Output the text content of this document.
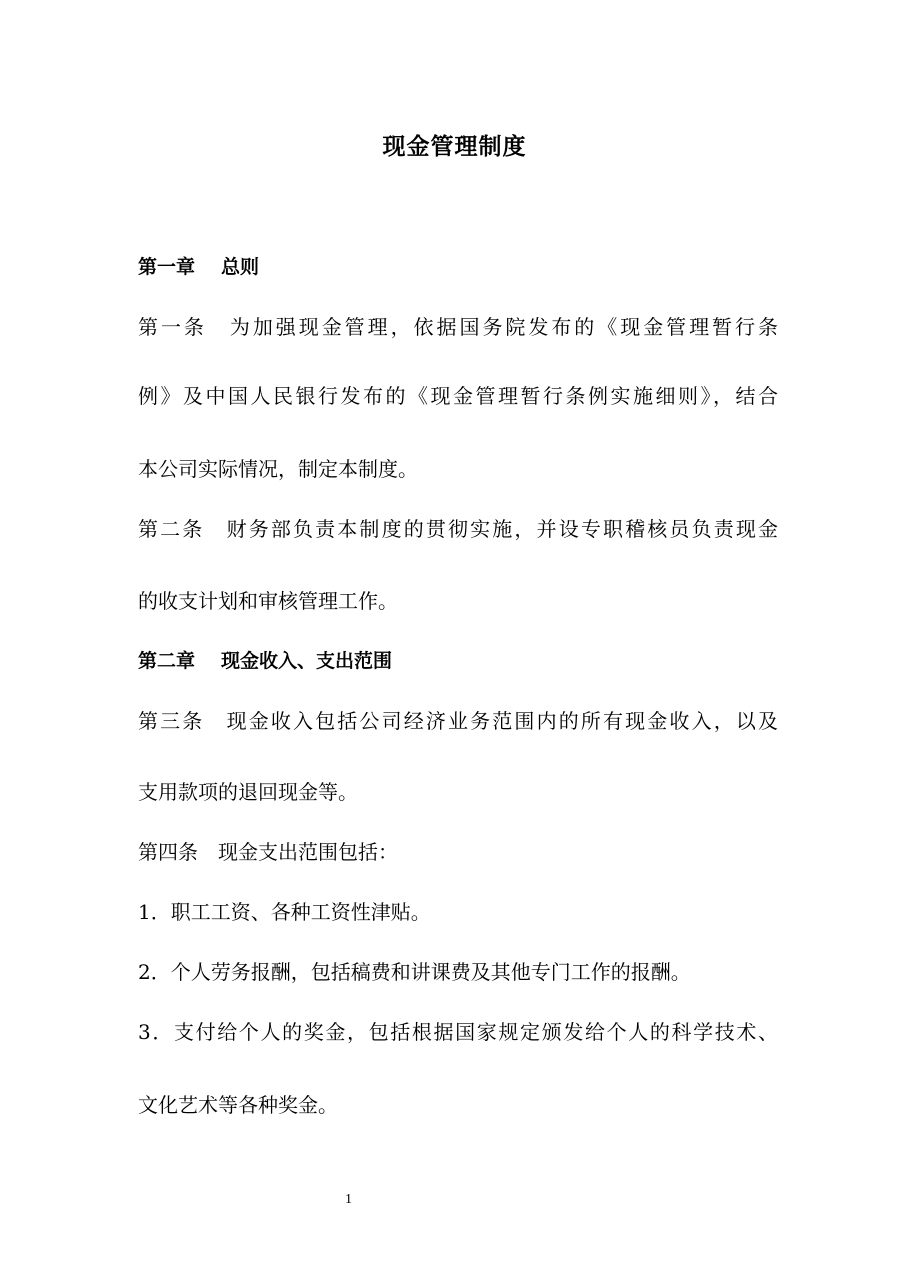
现金管理制度
第一章 总则
第一条　为加强现金管理，依据国务院发布的《现金管理暂行条
例》及中国人民银行发布的《现金管理暂行条例实施细则》，结合
本公司实际情况，制定本制度。
第二条　财务部负责本制度的贯彻实施，并设专职稽核员负责现金
的收支计划和审核管理工作。
第二章 现金收入、支出范围
第三条　现金收入包括公司经济业务范围内的所有现金收入，以及
支用款项的退回现金等。
第四条　现金支出范围包括：
1．职工工资、各种工资性津贴。
2．个人劳务报酬，包括稿费和讲课费及其他专门工作的报酬。
3．支付给个人的奖金，包括根据国家规定颁发给个人的科学技术、
文化艺术等各种奖金。
1
